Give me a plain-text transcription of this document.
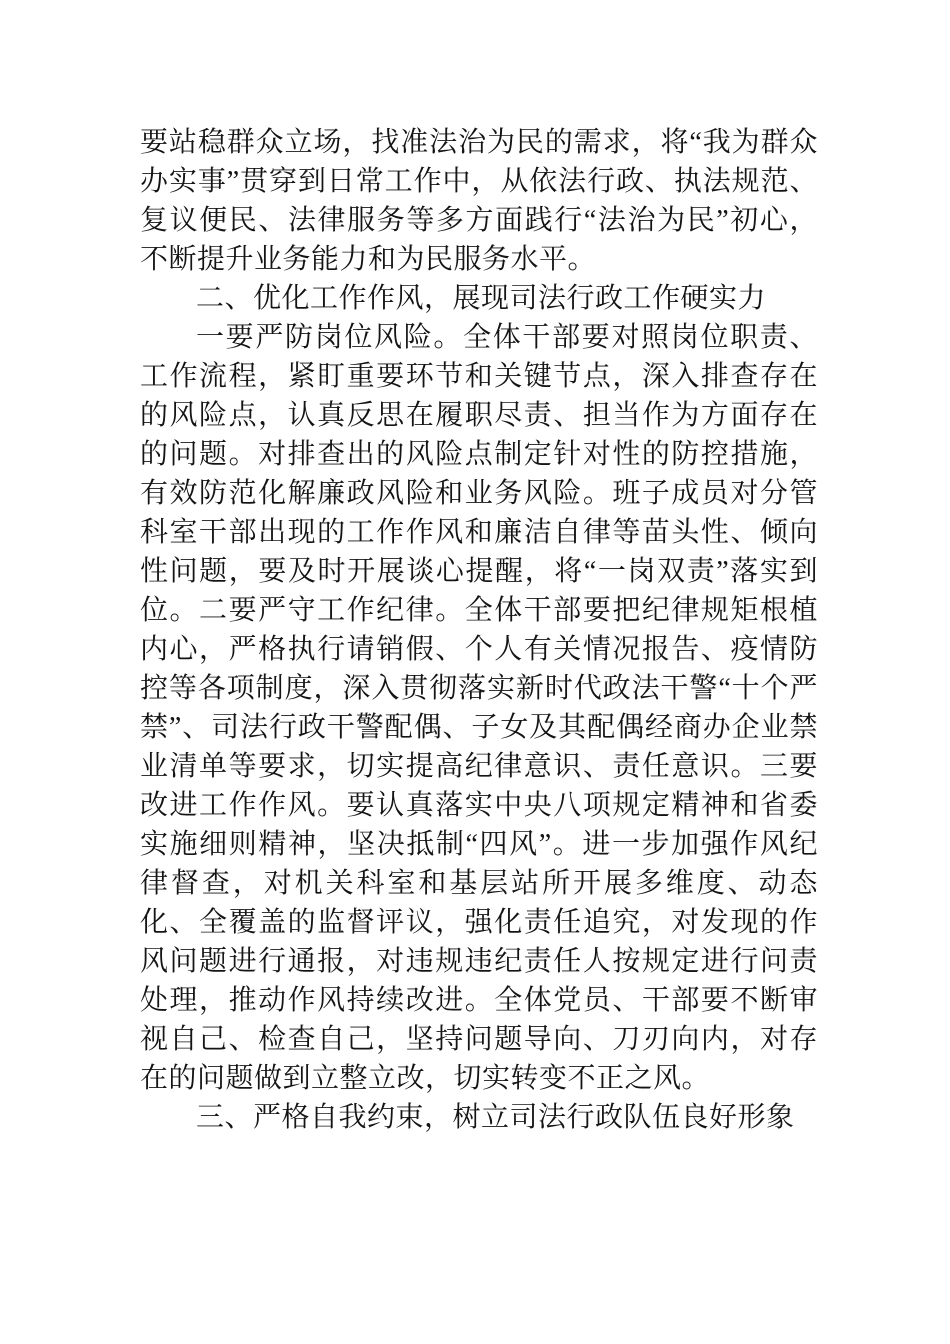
要站稳群众立场，找准法治为民的需求，将“我为群众办实事”贯穿到日常工作中，从依法行政、执法规范、复议便民、法律服务等多方面践行“法治为民”初心，不断提升业务能力和为民服务水平。

二、优化工作作风，展现司法行政工作硬实力

一要严防岗位风险。全体干部要对照岗位职责、工作流程，紧盯重要环节和关键节点，深入排查存在的风险点，认真反思在履职尽责、担当作为方面存在的问题。对排查出的风险点制定针对性的防控措施，有效防范化解廉政风险和业务风险。班子成员对分管科室干部出现的工作作风和廉洁自律等苗头性、倾向性问题，要及时开展谈心提醒，将“一岗双责”落实到位。二要严守工作纪律。全体干部要把纪律规矩根植内心，严格执行请销假、个人有关情况报告、疫情防控等各项制度，深入贯彻落实新时代政法干警“十个严禁”、司法行政干警配偶、子女及其配偶经商办企业禁业清单等要求，切实提高纪律意识、责任意识。三要改进工作作风。要认真落实中央八项规定精神和省委实施细则精神，坚决抵制“四风”。进一步加强作风纪律督查，对机关科室和基层站所开展多维度、动态化、全覆盖的监督评议，强化责任追究，对发现的作风问题进行通报，对违规违纪责任人按规定进行问责处理，推动作风持续改进。全体党员、干部要不断审视自己、检查自己，坚持问题导向、刀刃向内，对存在的问题做到立整立改，切实转变不正之风。

三、严格自我约束，树立司法行政队伍良好形象
